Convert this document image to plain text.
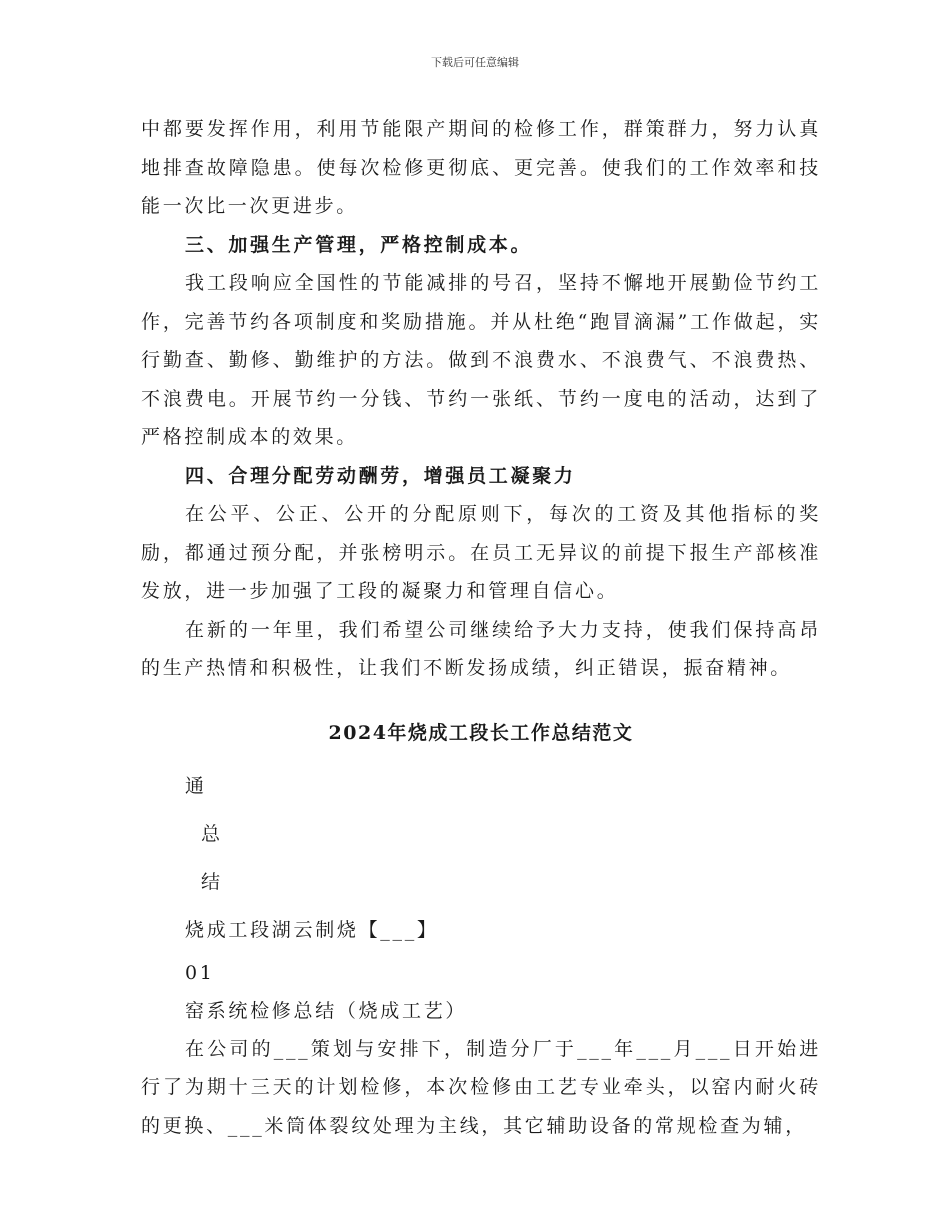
下载后可任意编辑

中都要发挥作用，利用节能限产期间的检修工作，群策群力，努力认真地排查故障隐患。使每次检修更彻底、更完善。使我们的工作效率和技能一次比一次更进步。

三、加强生产管理，严格控制成本。

我工段响应全国性的节能减排的号召，坚持不懈地开展勤俭节约工作，完善节约各项制度和奖励措施。并从杜绝“跑冒滴漏”工作做起，实行勤查、勤修、勤维护的方法。做到不浪费水、不浪费气、不浪费热、不浪费电。开展节约一分钱、节约一张纸、节约一度电的活动，达到了严格控制成本的效果。

四、合理分配劳动酬劳，增强员工凝聚力

在公平、公正、公开的分配原则下，每次的工资及其他指标的奖励，都通过预分配，并张榜明示。在员工无异议的前提下报生产部核准发放，进一步加强了工段的凝聚力和管理自信心。

在新的一年里，我们希望公司继续给予大力支持，使我们保持高昂的生产热情和积极性，让我们不断发扬成绩，纠正错误，振奋精神。

2024年烧成工段长工作总结范文

通

总

结

烧成工段湖云制烧【___】

01

窑系统检修总结（烧成工艺）

在公司的___策划与安排下，制造分厂于___年___月___日开始进行了为期十三天的计划检修，本次检修由工艺专业牵头，以窑内耐火砖的更换、___米筒体裂纹处理为主线，其它辅助设备的常规检查为辅，
